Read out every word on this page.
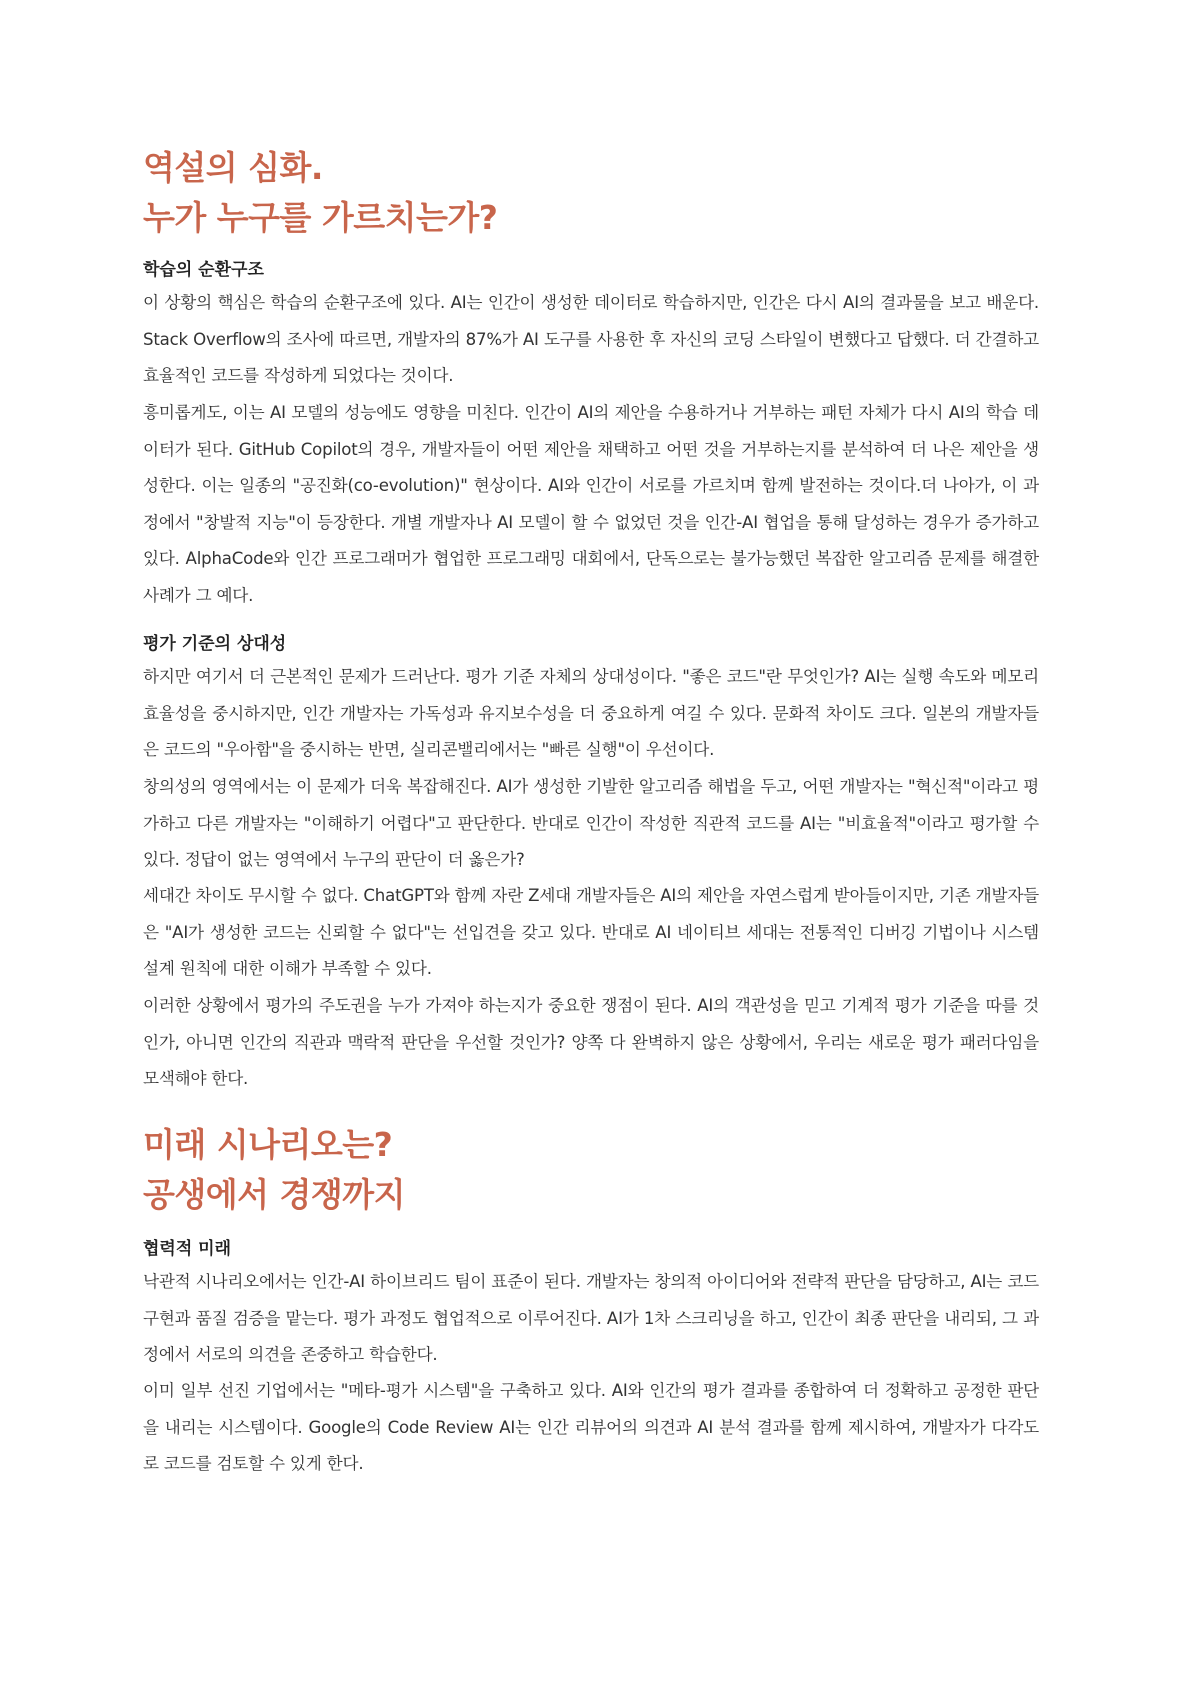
역설의 심화.
누가 누구를 가르치는가?
학습의 순환구조

이 상황의 핵심은 학습의 순환구조에 있다. AI는 인간이 생성한 데이터로 학습하지만, 인간은 다시 AI의 결과물을 보고 배운다. Stack Overflow의 조사에 따르면, 개발자의 87%가 AI 도구를 사용한 후 자신의 코딩 스타일이 변했다고 답했다. 더 간결하고 효율적인 코드를 작성하게 되었다는 것이다.

흥미롭게도, 이는 AI 모델의 성능에도 영향을 미친다. 인간이 AI의 제안을 수용하거나 거부하는 패턴 자체가 다시 AI의 학습 데이터가 된다. GitHub Copilot의 경우, 개발자들이 어떤 제안을 채택하고 어떤 것을 거부하는지를 분석하여 더 나은 제안을 생성한다. 이는 일종의 "공진화(co-evolution)" 현상이다. AI와 인간이 서로를 가르치며 함께 발전하는 것이다.더 나아가, 이 과정에서 "창발적 지능"이 등장한다. 개별 개발자나 AI 모델이 할 수 없었던 것을 인간-AI 협업을 통해 달성하는 경우가 증가하고 있다. AlphaCode와 인간 프로그래머가 협업한 프로그래밍 대회에서, 단독으로는 불가능했던 복잡한 알고리즘 문제를 해결한 사례가 그 예다.

평가 기준의 상대성

하지만 여기서 더 근본적인 문제가 드러난다. 평가 기준 자체의 상대성이다. "좋은 코드"란 무엇인가? AI는 실행 속도와 메모리 효율성을 중시하지만, 인간 개발자는 가독성과 유지보수성을 더 중요하게 여길 수 있다. 문화적 차이도 크다. 일본의 개발자들은 코드의 "우아함"을 중시하는 반면, 실리콘밸리에서는 "빠른 실행"이 우선이다.

창의성의 영역에서는 이 문제가 더욱 복잡해진다. AI가 생성한 기발한 알고리즘 해법을 두고, 어떤 개발자는 "혁신적"이라고 평가하고 다른 개발자는 "이해하기 어렵다"고 판단한다. 반대로 인간이 작성한 직관적 코드를 AI는 "비효율적"이라고 평가할 수 있다. 정답이 없는 영역에서 누구의 판단이 더 옳은가?

세대간 차이도 무시할 수 없다. ChatGPT와 함께 자란 Z세대 개발자들은 AI의 제안을 자연스럽게 받아들이지만, 기존 개발자들은 "AI가 생성한 코드는 신뢰할 수 없다"는 선입견을 갖고 있다. 반대로 AI 네이티브 세대는 전통적인 디버깅 기법이나 시스템 설계 원칙에 대한 이해가 부족할 수 있다.

이러한 상황에서 평가의 주도권을 누가 가져야 하는지가 중요한 쟁점이 된다. AI의 객관성을 믿고 기계적 평가 기준을 따를 것인가, 아니면 인간의 직관과 맥락적 판단을 우선할 것인가? 양쪽 다 완벽하지 않은 상황에서, 우리는 새로운 평가 패러다임을 모색해야 한다.

미래 시나리오는?
공생에서 경쟁까지
협력적 미래

낙관적 시나리오에서는 인간-AI 하이브리드 팀이 표준이 된다. 개발자는 창의적 아이디어와 전략적 판단을 담당하고, AI는 코드 구현과 품질 검증을 맡는다. 평가 과정도 협업적으로 이루어진다. AI가 1차 스크리닝을 하고, 인간이 최종 판단을 내리되, 그 과정에서 서로의 의견을 존중하고 학습한다.

이미 일부 선진 기업에서는 "메타-평가 시스템"을 구축하고 있다. AI와 인간의 평가 결과를 종합하여 더 정확하고 공정한 판단을 내리는 시스템이다. Google의 Code Review AI는 인간 리뷰어의 의견과 AI 분석 결과를 함께 제시하여, 개발자가 다각도로 코드를 검토할 수 있게 한다.
